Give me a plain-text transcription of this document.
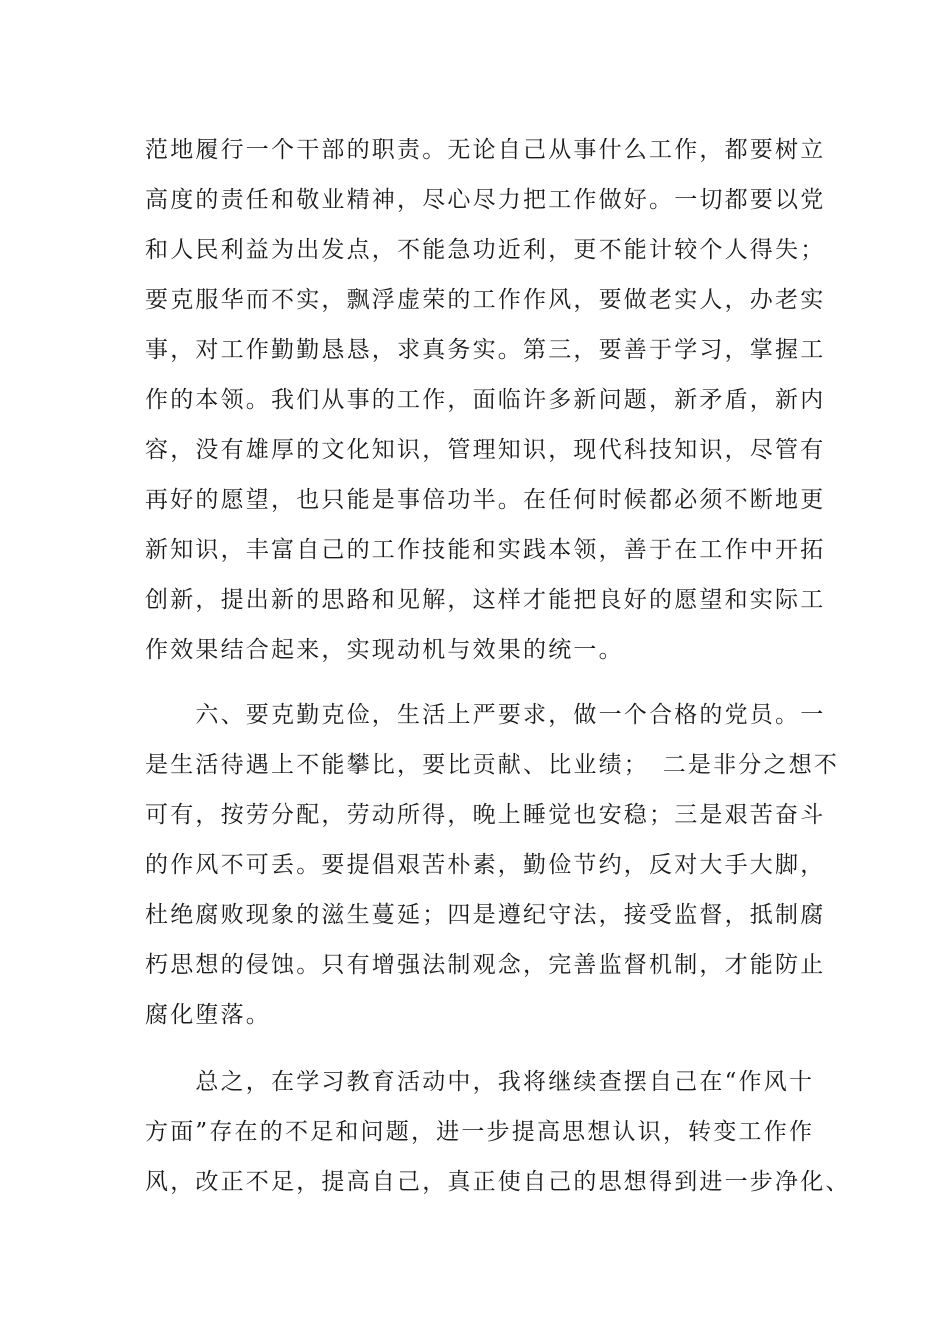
范地履行一个干部的职责。无论自己从事什么工作，都要树立
高度的责任和敬业精神，尽心尽力把工作做好。一切都要以党
和人民利益为出发点，不能急功近利，更不能计较个人得失；
要克服华而不实，飘浮虚荣的工作作风，要做老实人，办老实
事，对工作勤勤恳恳，求真务实。第三，要善于学习，掌握工
作的本领。我们从事的工作，面临许多新问题，新矛盾，新内
容，没有雄厚的文化知识，管理知识，现代科技知识，尽管有
再好的愿望，也只能是事倍功半。在任何时候都必须不断地更
新知识，丰富自己的工作技能和实践本领，善于在工作中开拓
创新，提出新的思路和见解，这样才能把良好的愿望和实际工
作效果结合起来，实现动机与效果的统一。
　　六、要克勤克俭，生活上严要求，做一个合格的党员。一
是生活待遇上不能攀比，要比贡献、比业绩；　二是非分之想不
可有，按劳分配，劳动所得，晚上睡觉也安稳；三是艰苦奋斗
的作风不可丢。要提倡艰苦朴素，勤俭节约，反对大手大脚，
杜绝腐败现象的滋生蔓延；四是遵纪守法，接受监督，抵制腐
朽思想的侵蚀。只有增强法制观念，完善监督机制，才能防止
腐化堕落。
　　总之，在学习教育活动中，我将继续查摆自己在“作风十
方面”存在的不足和问题，进一步提高思想认识，转变工作作
风，改正不足，提高自己，真正使自己的思想得到进一步净化、
